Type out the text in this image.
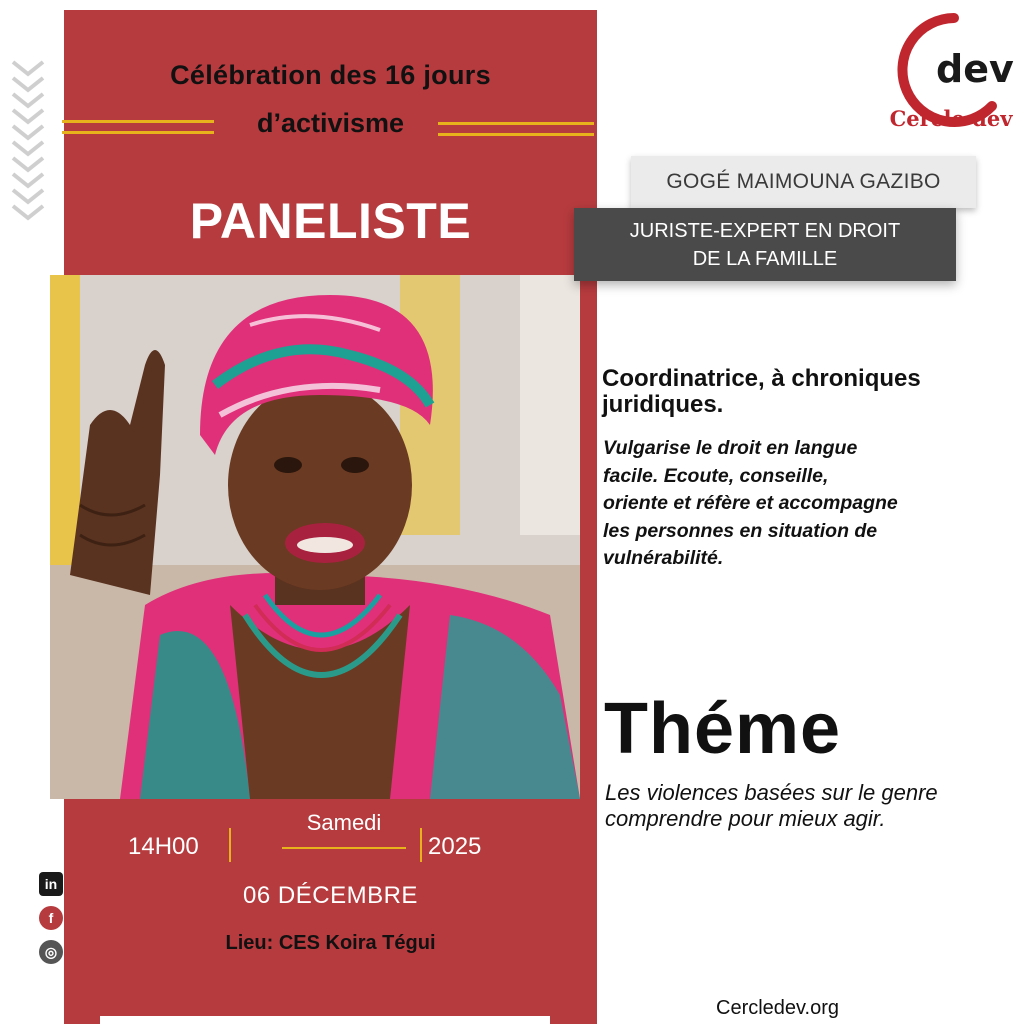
Célébration des 16 jours
d’activisme
PANELISTE
dev
Cercle dev
GOGÉ MAIMOUNA GAZIBO
JURISTE-EXPERT EN DROIT
DE LA FAMILLE
Coordinatrice, à chroniques
juridiques.
Vulgarise le droit en langue
facile. Ecoute, conseille,
oriente et réfère et accompagne
les personnes en situation de
vulnérabilité.
Théme
Les violences basées sur le genre
comprendre pour mieux agir.
14H00
Samedi
2025
06 DÉCEMBRE
Lieu: CES Koira Tégui
in
f
◎
Cercledev.org
